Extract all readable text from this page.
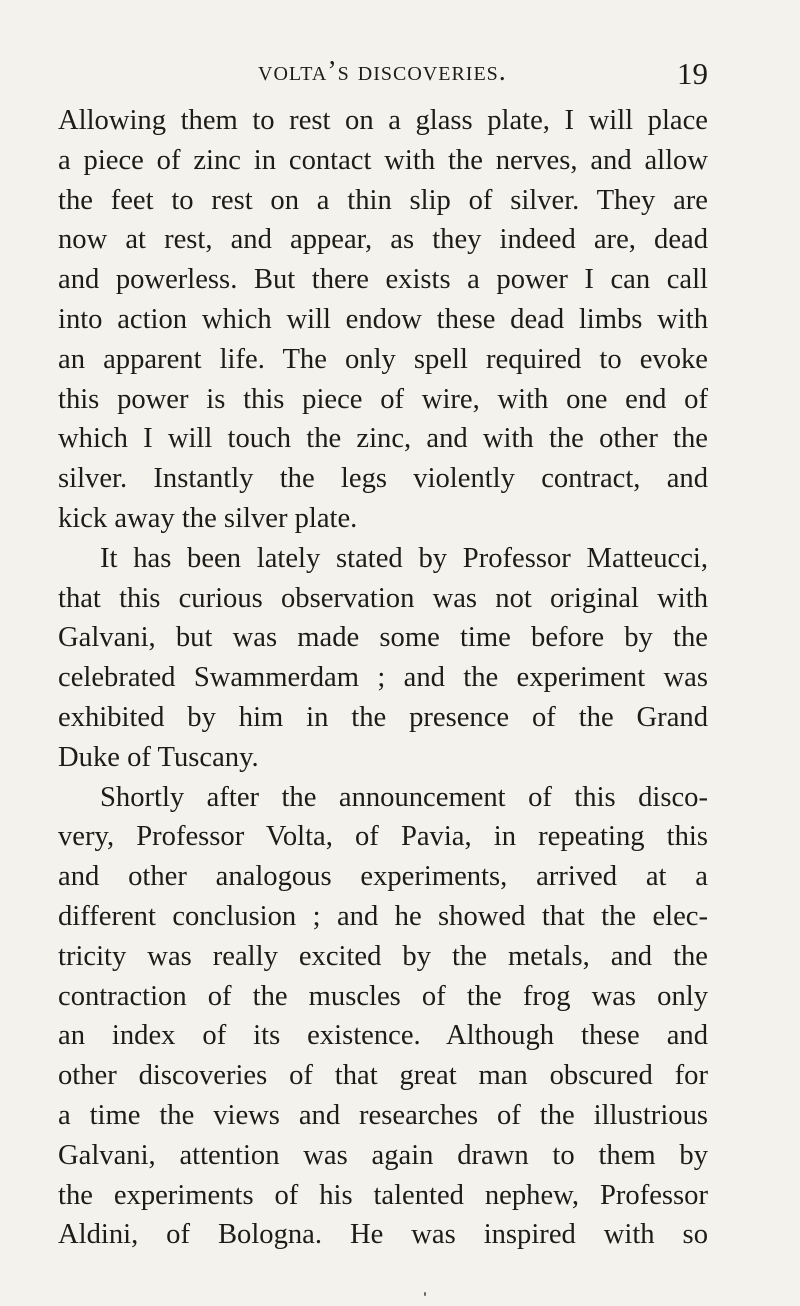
volta’s discoveries.	19
Allowing them to rest on a glass plate, I will place
a piece of zinc in contact with the nerves, and allow
the feet to rest on a thin slip of silver. They are
now at rest, and appear, as they indeed are, dead
and powerless. But there exists a power I can call
into action which will endow these dead limbs with
an apparent life. The only spell required to evoke
this power is this piece of wire, with one end of
which I will touch the zinc, and with the other the
silver. Instantly the legs violently contract, and
kick away the silver plate.
It has been lately stated by Professor Matteucci,
that this curious observation was not original with
Galvani, but was made some time before by the
celebrated Swammerdam ; and the experiment was
exhibited by him in the presence of the Grand
Duke of Tuscany.
Shortly after the announcement of this disco-
very, Professor Volta, of Pavia, in repeating this
and other analogous experiments, arrived at a
different conclusion ; and he showed that the elec-
tricity was really excited by the metals, and the
contraction of the muscles of the frog was only
an index of its existence. Although these and
other discoveries of that great man obscured for
a time the views and researches of the illustrious
Galvani, attention was again drawn to them by
the experiments of his talented nephew, Professor
Aldini, of Bologna. He was inspired with so
